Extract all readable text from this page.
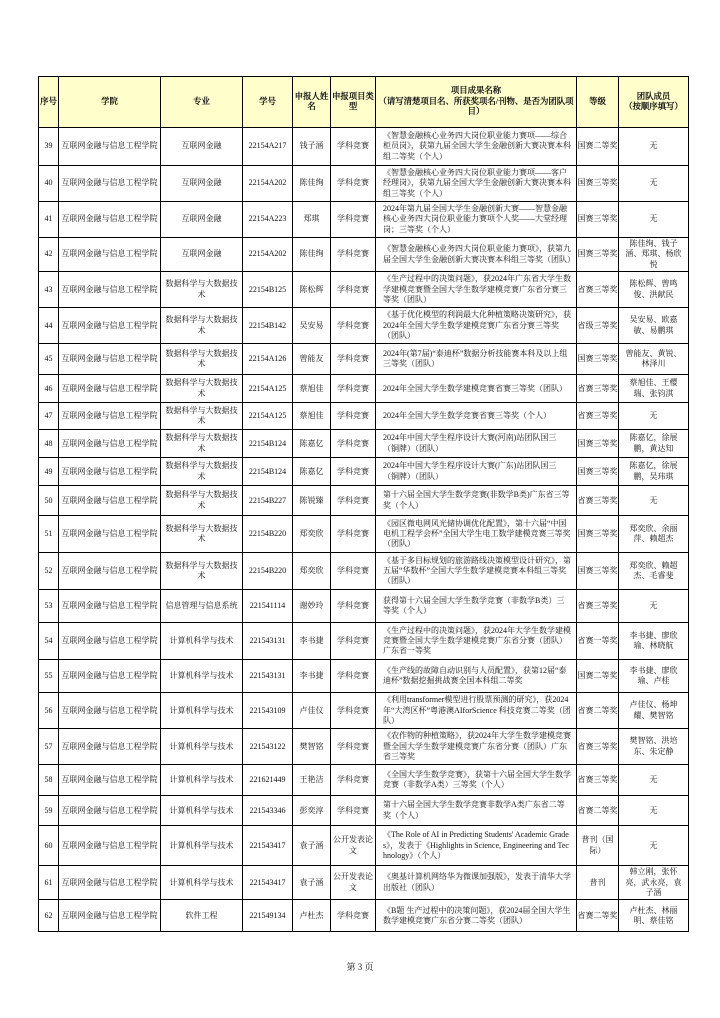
序号	学院	专业	学号	申报人姓名	申报项目类型	项目成果名称
（请写清楚项目名、所获奖项名/刊物、是否为团队项目）	等级	团队成员
（按顺序填写）
39	互联网金融与信息工程学院	互联网金融	22154A217	钱子涵	学科竞赛	《智慧金融核心业务四大岗位职业能力赛项——综合柜员岗》，获第九届全国大学生金融创新大赛决赛本科组二等奖（个人）	国赛二等奖	无
40	互联网金融与信息工程学院	互联网金融	22154A202	陈佳绚	学科竞赛	《智慧金融核心业务四大岗位职业能力赛项——客户经理岗》，获第九届全国大学生金融创新大赛决赛本科组三等奖（个人）	国赛三等奖	无
41	互联网金融与信息工程学院	互联网金融	22154A223	郑琪	学科竞赛	2024年第九届全国大学生金融创新大赛——智慧金融核心业务四大岗位职业能力赛项个人奖——大堂经理岗；三等奖（个人）	国赛三等奖	无
42	互联网金融与信息工程学院	互联网金融	22154A202	陈佳绚	学科竞赛	《智慧金融核心业务四大岗位职业能力赛项》，获第九届全国大学生金融创新大赛决赛本科组三等奖（团队）	国赛三等奖	陈佳绚、钱子涵、郑琪、杨欣悦
43	互联网金融与信息工程学院	数据科学与大数据技术	22154B125	陈松辉	学科竞赛	《生产过程中的决策问题》，获2024年广东省大学生数学建模竞赛暨全国大学生数学建模竞赛广东省分赛三等奖（团队）	省赛三等奖	陈松辉、曾鸣俊、洪献民
44	互联网金融与信息工程学院	数据科学与大数据技术	22154B142	吴安易	学科竞赛	《基于优化模型的利润最大化种植策略决策研究》，获2024年全国大学生数学建模竞赛广东省分赛三等奖（团队）	省级三等奖	吴安易、欧嘉敏、易鹏琪
45	互联网金融与信息工程学院	数据科学与大数据技术	22154A126	曾能友	学科竞赛	2024年(第7届)“泰迪杯”数据分析技能赛本科及以上组三等奖（团队）	国赛三等奖	曾能友、黄锐、林泽川
46	互联网金融与信息工程学院	数据科学与大数据技术	22154A125	蔡旭佳	学科竞赛	2024年全国大学生数学建模竞赛省赛三等奖（团队）	省赛三等奖	蔡旭佳、王樱瑞、张钧淇
47	互联网金融与信息工程学院	数据科学与大数据技术	22154A125	蔡旭佳	学科竞赛	2024年全国大学生数学竞赛省赛三等奖（个人）	省赛三等奖	无
48	互联网金融与信息工程学院	数据科学与大数据技术	22154B124	陈嘉亿	学科竞赛	2024年中国大学生程序设计大赛(河南)站团队国三（铜牌）（团队）	国赛三等奖	陈嘉亿，徐展鹏，黄达知
49	互联网金融与信息工程学院	数据科学与大数据技术	22154B124	陈嘉亿	学科竞赛	2024年中国大学生程序设计大赛(广东)站团队国三（铜牌）（团队）	国赛三等奖	陈嘉亿，徐展鹏，吴玮琪
50	互联网金融与信息工程学院	数据科学与大数据技术	22154B227	陈锐臻	学科竞赛	第十六届全国大学生数学竞赛(非数学B类)广东省三等奖（个人）	省赛三等奖	无
51	互联网金融与信息工程学院	数据科学与大数据技术	22154B220	郑奕欣	学科竞赛	《园区微电网风光储协调优化配置》，第十六届“中国电机工程学会杯”全国大学生电工数学建模竞赛三等奖（团队）	国赛三等奖	郑奕欣、余丽萍、赖超杰
52	互联网金融与信息工程学院	数据科学与大数据技术	22154B220	郑奕欣	学科竞赛	《基于多目标规划的旅游路线决策模型设计研究》，第五届“华数杯”全国大学生数学建模竞赛本科组三等奖（团队）	国赛三等奖	郑奕欣、赖超杰、毛睿斐
53	互联网金融与信息工程学院	信息管理与信息系统	221541114	谢妙玲	学科竞赛	获得第十六届全国大学生数学竞赛（非数学B类）三等奖（个人）	省赛三等奖	无
54	互联网金融与信息工程学院	计算机科学与技术	221543131	李书捷	学科竞赛	《生产过程中的决策问题》，获2024年大学生数学建模竞赛暨全国大学生数学建模竞赛广东省分赛（团队）广东省一等奖	省赛一等奖	李书捷、廖欣瑜、林晓航
55	互联网金融与信息工程学院	计算机科学与技术	221543131	李书捷	学科竞赛	《生产线的故障自动识别与人员配置》，获第12届“泰迪杯”数据挖掘挑战赛全国本科组二等奖	国赛二等奖	李书捷、廖欣瑜、卢桂
56	互联网金融与信息工程学院	计算机科学与技术	221543109	卢佳仪	学科竞赛	《利用transformer模型进行股票预测的研究》，获2024 年“大湾区杯”粤港澳AIforScience 科技竞赛二等奖（团队）	省赛二等奖	卢佳仪、杨坤耀、樊智铭
57	互联网金融与信息工程学院	计算机科学与技术	221543122	樊智铭	学科竞赛	《农作物的种植策略》，获2024年大学生数学建模竞赛暨全国大学生数学建模竞赛广东省分赛（团队）广东省三等奖	省赛三等奖	樊智铭、洪培东、朱定静
58	互联网金融与信息工程学院	计算机科学与技术	221621449	王艳洁	学科竞赛	《全国大学生数学竞赛》，获第十六届全国大学生数学竞赛（非数学A类）三等奖（个人）	省赛三等奖	无
59	互联网金融与信息工程学院	计算机科学与技术	221543346	彭奕淳	学科竞赛	第十六届全国大学生数学竞赛非数学A类广东省二等奖（个人）	省赛二等奖	无
60	互联网金融与信息工程学院	计算机科学与技术	221543417	袁子涵	公开发表论文	《The Role of AI in Predicting Students' Academic Grades》，发表于《Highlights in Science, Engineering and Technology》（个人）	普刊（国际）	无
61	互联网金融与信息工程学院	计算机科学与技术	221543417	袁子涵	公开发表论文	《奥基计算机网络华为微课加强版》，发表于清华大学出版社（团队）	普刊	韩立刚，张怀亮，武永亮，袁子涵
62	互联网金融与信息工程学院	软件工程	221549134	卢杜杰	学科竞赛	《B题 生产过程中的决策问题》，获2024届全国大学生数学建模竞赛广东省分赛二等奖（团队）	省赛二等奖	卢杜杰、林丽明、蔡佳铭
第 3 页
